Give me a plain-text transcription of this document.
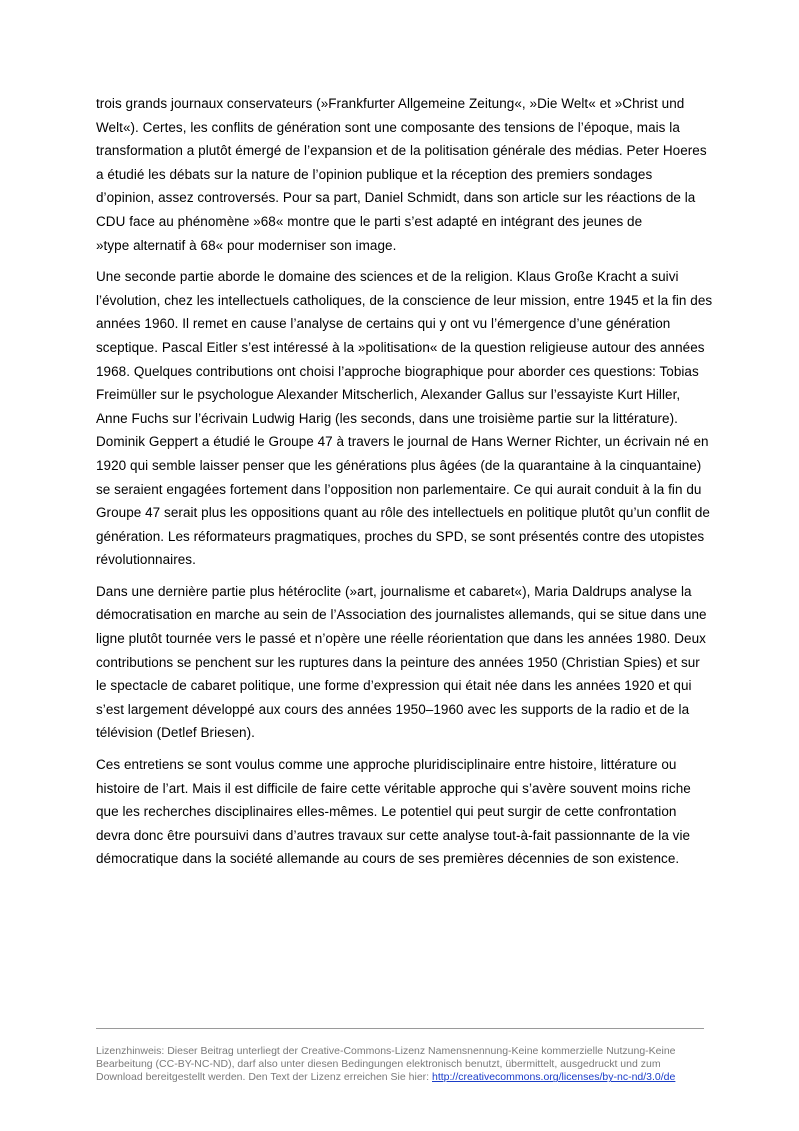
trois grands journaux conservateurs (»Frankfurter Allgemeine Zeitung«, »Die Welt« et »Christ und
Welt«). Certes, les conflits de génération sont une composante des tensions de l’époque, mais la
transformation a plutôt émergé de l’expansion et de la politisation générale des médias. Peter Hoeres
a étudié les débats sur la nature de l’opinion publique et la réception des premiers sondages
d’opinion, assez controversés. Pour sa part, Daniel Schmidt, dans son article sur les réactions de la
CDU face au phénomène »68« montre que le parti s’est adapté en intégrant des jeunes de
»type alternatif à 68« pour moderniser son image.

Une seconde partie aborde le domaine des sciences et de la religion. Klaus Große Kracht a suivi
l’évolution, chez les intellectuels catholiques, de la conscience de leur mission, entre 1945 et la fin des
années 1960. Il remet en cause l’analyse de certains qui y ont vu l’émergence d’une génération
sceptique. Pascal Eitler s’est intéressé à la »politisation« de la question religieuse autour des années
1968. Quelques contributions ont choisi l’approche biographique pour aborder ces questions: Tobias
Freimüller sur le psychologue Alexander Mitscherlich, Alexander Gallus sur l’essayiste Kurt Hiller,
Anne Fuchs sur l’écrivain Ludwig Harig (les seconds, dans une troisième partie sur la littérature).
Dominik Geppert a étudié le Groupe 47 à travers le journal de Hans Werner Richter, un écrivain né en
1920 qui semble laisser penser que les générations plus âgées (de la quarantaine à la cinquantaine)
se seraient engagées fortement dans l’opposition non parlementaire. Ce qui aurait conduit à la fin du
Groupe 47 serait plus les oppositions quant au rôle des intellectuels en politique plutôt qu’un conflit de
génération. Les réformateurs pragmatiques, proches du SPD, se sont présentés contre des utopistes
révolutionnaires.

Dans une dernière partie plus hétéroclite (»art, journalisme et cabaret«), Maria Daldrups analyse la
démocratisation en marche au sein de l’Association des journalistes allemands, qui se situe dans une
ligne plutôt tournée vers le passé et n’opère une réelle réorientation que dans les années 1980. Deux
contributions se penchent sur les ruptures dans la peinture des années 1950 (Christian Spies) et sur
le spectacle de cabaret politique, une forme d’expression qui était née dans les années 1920 et qui
s’est largement développé aux cours des années 1950–1960 avec les supports de la radio et de la
télévision (Detlef Briesen).

Ces entretiens se sont voulus comme une approche pluridisciplinaire entre histoire, littérature ou
histoire de l’art. Mais il est difficile de faire cette véritable approche qui s’avère souvent moins riche
que les recherches disciplinaires elles-mêmes. Le potentiel qui peut surgir de cette confrontation
devra donc être poursuivi dans d’autres travaux sur cette analyse tout-à-fait passionnante de la vie
démocratique dans la société allemande au cours de ses premières décennies de son existence.

Lizenzhinweis: Dieser Beitrag unterliegt der Creative-Commons-Lizenz Namensnennung-Keine kommerzielle Nutzung-Keine
Bearbeitung (CC-BY-NC-ND), darf also unter diesen Bedingungen elektronisch benutzt, übermittelt, ausgedruckt und zum
Download bereitgestellt werden. Den Text der Lizenz erreichen Sie hier: http://creativecommons.org/licenses/by-nc-nd/3.0/de
